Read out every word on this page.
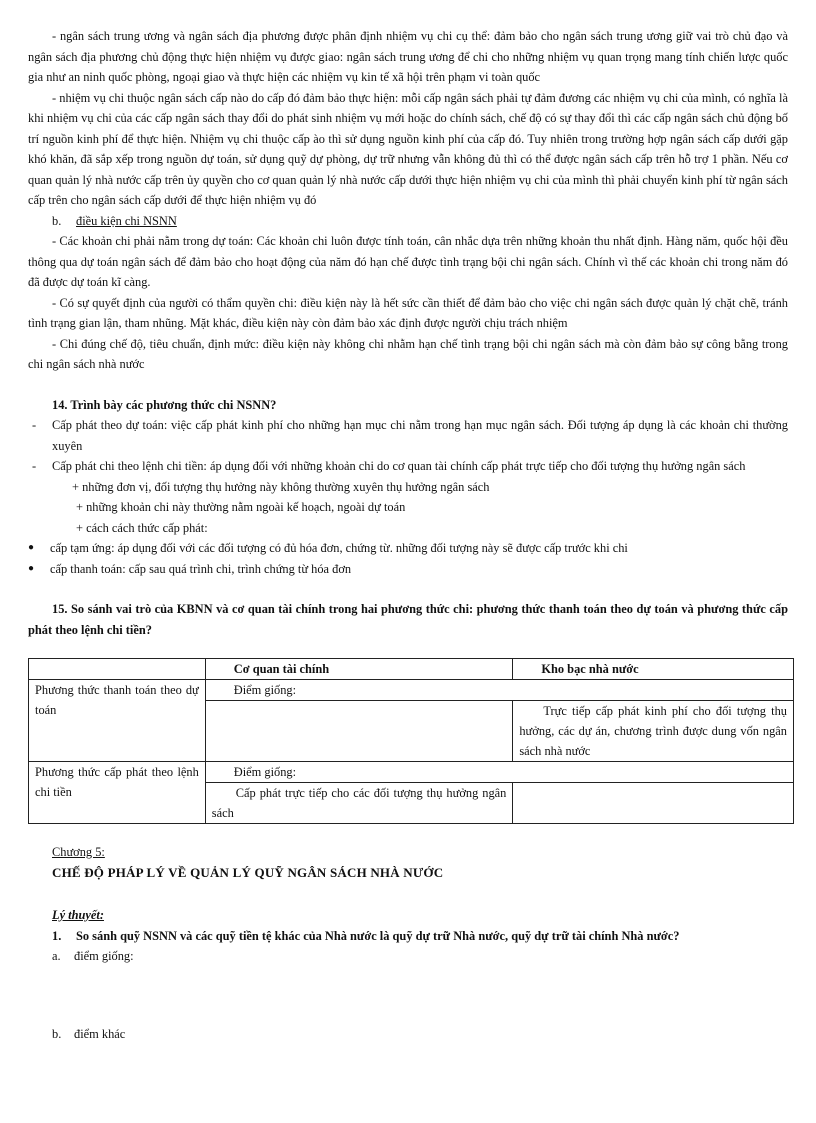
- ngân sách trung ương và ngân sách địa phương được phân định nhiệm vụ chi cụ thể: đảm bảo cho ngân sách trung ương giữ vai trò chủ đạo và ngân sách địa phương chủ động thực hiện nhiệm vụ được giao: ngân sách trung ương để chi cho những nhiệm vụ quan trọng mang tính chiến lược quốc gia như an ninh quốc phòng, ngoại giao và thực hiện các nhiệm vụ kin tế xã hội trên phạm vi toàn quốc

- nhiệm vụ chi thuộc ngân sách cấp nào do cấp đó đảm bảo thực hiện: mỗi cấp ngân sách phải tự đảm đương các nhiệm vụ chi của mình, có nghĩa là khi nhiệm vụ chi của các cấp ngân sách thay đổi do phát sinh nhiệm vụ mới hoặc do chính sách, chế độ có sự thay đổi thì các cấp ngân sách chủ động bố trí nguồn kinh phí để thực hiện. Nhiệm vụ chi thuộc cấp ào thì sử dụng nguồn kinh phí của cấp đó. Tuy nhiên trong trường hợp ngân sách cấp dưới gặp khó khăn, đã sắp xếp trong nguồn dự toán, sử dụng quỹ dự phòng, dự trữ nhưng vẫn không đủ thì có thể được ngân sách cấp trên hỗ trợ 1 phần. Nếu cơ quan quản lý nhà nước cấp trên ủy quyền cho cơ quan quản lý nhà nước cấp dưới thực hiện nhiệm vụ chi của mình thì phải chuyển kinh phí từ ngân sách cấp trên cho ngân sách cấp dưới để thực hiện nhiệm vụ đó

b. điều kiện chi NSNN

- Các khoản chi phải nằm trong dự toán: Các khoản chi luôn được tính toán, cân nhắc dựa trên những khoản thu nhất định. Hàng năm, quốc hội đều thông qua dự toán ngân sách để đảm bảo cho hoạt động của năm đó hạn chế được tình trạng bội chi ngân sách. Chính vì thế các khoản chi trong năm đó đã được dự toán kĩ càng.

- Có sự quyết định của người có thẩm quyền chi: điều kiện này là hết sức cần thiết để đảm bảo cho việc chi ngân sách được quản lý chặt chẽ, tránh tình trạng gian lận, tham nhũng. Mặt khác, điều kiện này còn đảm bảo xác định được người chịu trách nhiệm

- Chi đúng chế độ, tiêu chuẩn, định mức: điều kiện này không chỉ nhằm hạn chế tình trạng bội chi ngân sách mà còn đảm bảo sự công bằng trong chi ngân sách nhà nước

14. Trình bày các phương thức chi NSNN?

- Cấp phát theo dự toán: việc cấp phát kinh phí cho những hạn mục chi nằm trong hạn mục ngân sách. Đối tượng áp dụng là các khoản chi thường xuyên

- Cấp phát chi theo lệnh chi tiền: áp dụng đối với những khoản chi do cơ quan tài chính cấp phát trực tiếp cho đối tượng thụ hưởng ngân sách

+ những đơn vị, đối tượng thụ hưởng này không thường xuyên thụ hưởng ngân sách

+ những khoản chi này thường nằm ngoài kế hoạch, ngoài dự toán

+ cách cách thức cấp phát:

● cấp tạm ứng: áp dụng đối với các đối tượng có đủ hóa đơn, chứng từ. những đối tượng này sẽ được cấp trước khi chi

● cấp thanh toán: cấp sau quá trình chi, trình chứng từ hóa đơn

15. So sánh vai trò của KBNN và cơ quan tài chính trong hai phương thức chi: phương thức thanh toán theo dự toán và phương thức cấp phát theo lệnh chi tiền?

	Cơ quan tài chính	Kho bạc nhà nước
Phương thức thanh toán theo dự toán	Điểm giống:	
		Trực tiếp cấp phát kinh phí cho đối tượng thụ hưởng, các dự án, chương trình được dung vốn ngân sách nhà nước
Phương thức cấp phát theo lệnh chi tiền	Điểm giống:	
	Cấp phát trực tiếp cho các đối tượng thụ hưởng ngân sách	

Chương 5:

CHẾ ĐỘ PHÁP LÝ VỀ QUẢN LÝ QUỸ NGÂN SÁCH NHÀ NƯỚC

Lý thuyết:

1. So sánh quỹ NSNN và các quỹ tiền tệ khác của Nhà nước là quỹ dự trữ Nhà nước, quỹ dự trữ tài chính Nhà nước?

a. điểm giống:

b. điểm khác
